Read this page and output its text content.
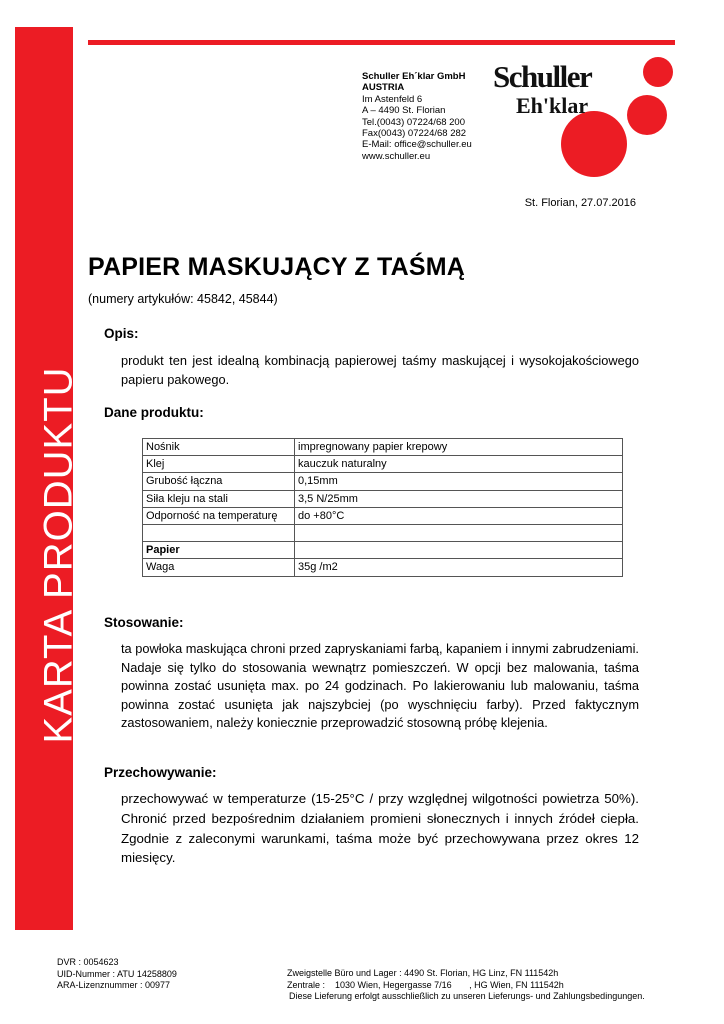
KARTA PRODUKTU
Schuller Eh´klar GmbH
AUSTRIA
Im Astenfeld 6
A – 4490 St. Florian
Tel.(0043) 07224/68 200
Fax(0043) 07224/68 282
E-Mail: office@schuller.eu
www.schuller.eu
Schuller
Eh'klar
St. Florian, 27.07.2016
PAPIER MASKUJĄCY Z TAŚMĄ
(numery artykułów: 45842, 45844)
Opis:

produkt ten jest idealną kombinacją papierowej taśmy maskującej i wysokojakościowego papieru pakowego.

Dane produktu:
Nośnik	impregnowany papier krepowy
Klej	kauczuk naturalny
Grubość łączna	0,15mm
Siła kleju na stali	3,5 N/25mm
Odporność na temperaturę	do +80°C

Papier	
Waga	35g /m2
Stosowanie:

ta powłoka maskująca chroni przed zapryskaniami farbą, kapaniem i innymi zabrudzeniami. Nadaje się tylko do stosowania wewnątrz pomieszczeń. W opcji bez malowania, taśma powinna zostać usunięta max. po 24 godzinach. Po lakierowaniu lub malowaniu, taśma powinna zostać usunięta jak najszybciej (po wyschnięciu farby). Przed faktycznym zastosowaniem, należy koniecznie przeprowadzić stosowną próbę klejenia.

Przechowywanie:

przechowywać w temperaturze (15-25°C / przy względnej wilgotności powietrza 50%). Chronić przed bezpośrednim działaniem promieni słonecznych i innych źródeł ciepła. Zgodnie z zaleconymi warunkami, taśma może być przechowywana przez okres 12 miesięcy.

DVR : 0054623
UID-Nummer : ATU 14258809
ARA-Lizenznummer : 00977
Zweigstelle Büro und Lager : 4490 St. Florian, HG Linz, FN 111542h
Zentrale :    1030 Wien, Hegergasse 7/16       , HG Wien, FN 111542h
Diese Lieferung erfolgt ausschließlich zu unseren Lieferungs- und Zahlungsbedingungen.
